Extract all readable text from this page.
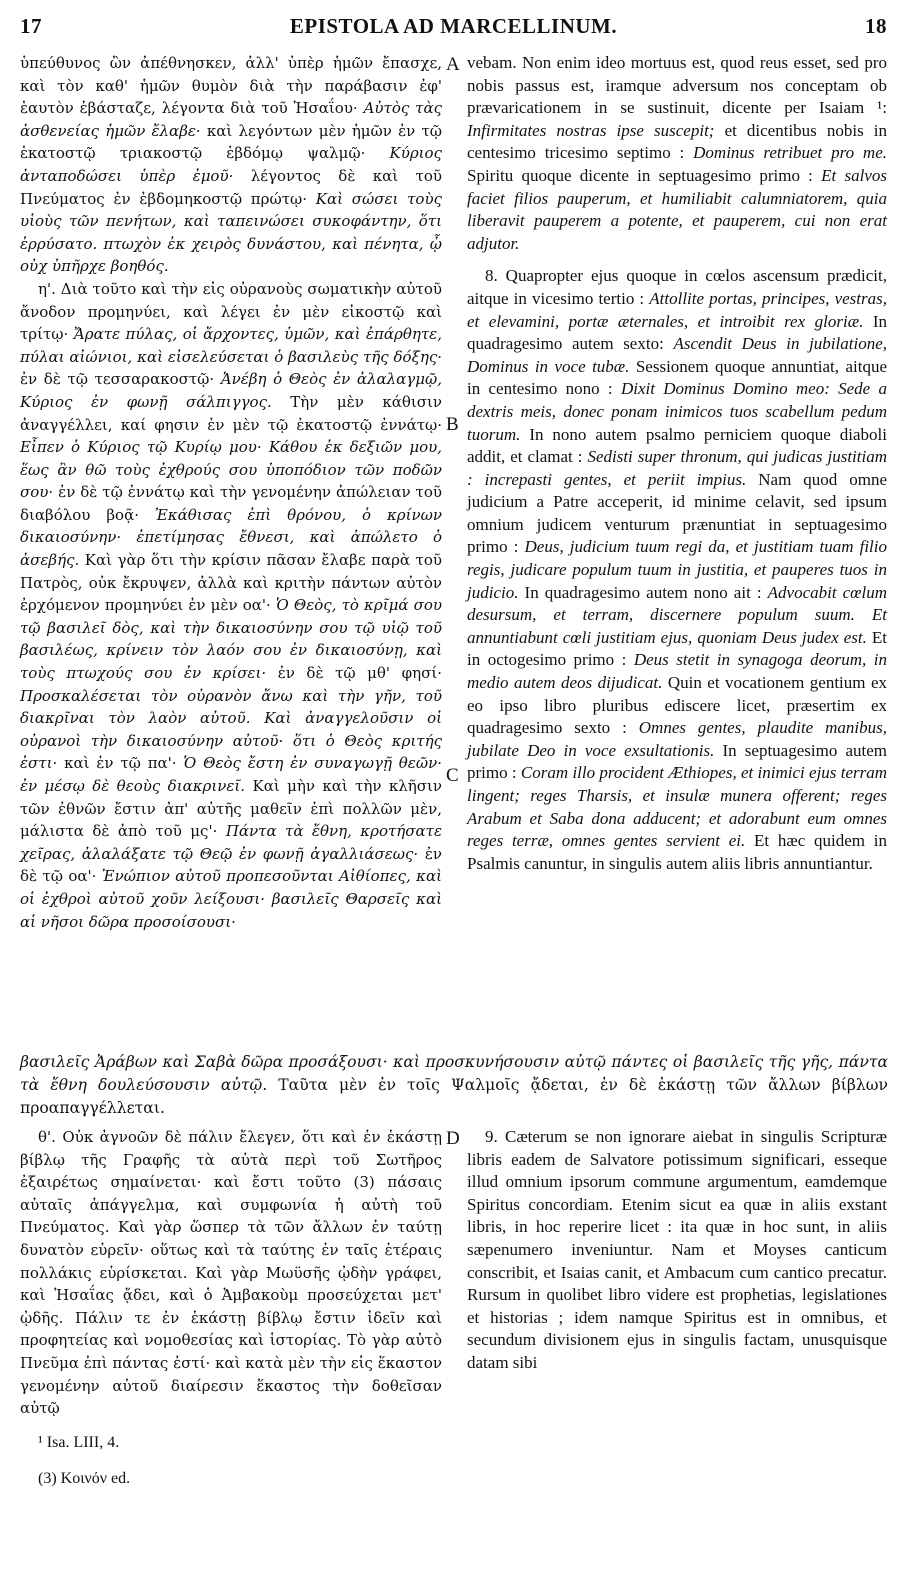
17	EPISTOLA AD MARCELLINUM.	18

ὑπεύθυνος ὢν ἀπέθνησκεν, ἀλλ' ὑπὲρ ἡμῶν ἔπασχε, καὶ τὸν καθ' ἡμῶν θυμὸν διὰ τὴν παράβασιν ἐφ' ἑαυτὸν ἐβάσταζε, λέγοντα διὰ τοῦ Ἡσαΐου· Αὐτὸς τὰς ἀσθενείας ἡμῶν ἔλαβε· καὶ λεγόντων μὲν ἡμῶν ἐν τῷ ἑκατοστῷ τριακοστῷ ἑβδόμῳ ψαλμῷ· Κύριος ἀνταποδώσει ὑπὲρ ἐμοῦ· λέγοντος δὲ καὶ τοῦ Πνεύματος ἐν ἑβδομηκοστῷ πρώτῳ· Καὶ σώσει τοὺς υἱοὺς τῶν πενήτων, καὶ ταπεινώσει συκοφάντην, ὅτι ἐρρύσατο. πτωχὸν ἐκ χειρὸς δυνάστου, καὶ πένητα, ᾧ οὐχ ὑπῆρχε βοηθός.

η'. Διὰ τοῦτο καὶ τὴν εἰς οὐρανοὺς σωματικὴν αὐτοῦ ἄνοδον προμηνύει, καὶ λέγει ἐν μὲν εἰκοστῷ καὶ τρίτῳ· Ἄρατε πύλας, οἱ ἄρχοντες, ὑμῶν, καὶ ἐπάρθητε, πύλαι αἰώνιοι, καὶ εἰσελεύσεται ὁ βασιλεὺς τῆς δόξης· ἐν δὲ τῷ τεσσαρακοστῷ· Ἀνέβη ὁ Θεὸς ἐν ἀλαλαγμῷ, Κύριος ἐν φωνῇ σάλπιγγος. Τὴν μὲν κάθισιν ἀναγγέλλει, καί φησιν ἐν μὲν τῷ ἑκατοστῷ ἐννάτῳ· Εἶπεν ὁ Κύριος τῷ Κυρίῳ μου· Κάθου ἐκ δεξιῶν μου, ἕως ἂν θῶ τοὺς ἐχθρούς σου ὑποπόδιον τῶν ποδῶν σου· ἐν δὲ τῷ ἐννάτῳ καὶ τὴν γενομένην ἀπώλειαν τοῦ διαβόλου βοᾷ· Ἐκάθισας ἐπὶ θρόνου, ὁ κρίνων δικαιοσύνην· ἐπετίμησας ἔθνεσι, καὶ ἀπώλετο ὁ ἀσεβής. Καὶ γὰρ ὅτι τὴν κρίσιν πᾶσαν ἔλαβε παρὰ τοῦ Πατρὸς, οὐκ ἔκρυψεν, ἀλλὰ καὶ κριτὴν πάντων αὐτὸν ἐρχόμενον προμηνύει ἐν μὲν οα'· Ὁ Θεὸς, τὸ κρῖμά σου τῷ βασιλεῖ δὸς, καὶ τὴν δικαιοσύνην σου τῷ υἱῷ τοῦ βασιλέως, κρίνειν τὸν λαόν σου ἐν δικαιοσύνῃ, καὶ τοὺς πτωχούς σου ἐν κρίσει· ἐν δὲ τῷ μθ' φησί· Προσκαλέσεται τὸν οὐρανὸν ἄνω καὶ τὴν γῆν, τοῦ διακρῖναι τὸν λαὸν αὐτοῦ. Καὶ ἀναγγελοῦσιν οἱ οὐρανοὶ τὴν δικαιοσύνην αὐτοῦ· ὅτι ὁ Θεὸς κριτής ἐστι· καὶ ἐν τῷ πα'· Ὁ Θεὸς ἔστη ἐν συναγωγῇ θεῶν· ἐν μέσῳ δὲ θεοὺς διακρινεῖ. Καὶ μὴν καὶ τὴν κλῆσιν τῶν ἐθνῶν ἔστιν ἀπ' αὐτῆς μαθεῖν ἐπὶ πολλῶν μὲν, μάλιστα δὲ ἀπὸ τοῦ μς'· Πάντα τὰ ἔθνη, κροτήσατε χεῖρας, ἀλαλάξατε τῷ Θεῷ ἐν φωνῇ ἀγαλλιάσεως· ἐν δὲ τῷ οα'· Ἐνώπιον αὐτοῦ προπεσοῦνται Αἰθίοπες, καὶ οἱ ἐχθροὶ αὐτοῦ χοῦν λείξουσι· βασιλεῖς Θαρσεῖς καὶ αἱ νῆσοι δῶρα προσοίσουσι·

vebam. Non enim ideo mortuus est, quod reus esset, sed pro nobis passus est, iramque adversum nos conceptam ob prævaricationem in se sustinuit, dicente per Isaiam ¹: Infirmitates nostras ipse suscepit; et dicentibus nobis in centesimo tricesimo septimo : Dominus retribuet pro me. Spiritu quoque dicente in septuagesimo primo : Et salvos faciet filios pauperum, et humiliabit calumniatorem, quia liberavit pauperem a potente, et pauperem, cui non erat adjutor.

8. Quapropter ejus quoque in cœlos ascensum prædicit, aitque in vicesimo tertio : Attollite portas, principes, vestras, et elevamini, portæ æternales, et introibit rex gloriæ. In quadragesimo autem sexto: Ascendit Deus in jubilatione, Dominus in voce tubæ. Sessionem quoque annuntiat, aitque in centesimo nono : Dixit Dominus Domino meo: Sede a dextris meis, donec ponam inimicos tuos scabellum pedum tuorum. In nono autem psalmo perniciem quoque diaboli addit, et clamat : Sedisti super thronum, qui judicas justitiam : increpasti gentes, et periit impius. Nam quod omne judicium a Patre acceperit, id minime celavit, sed ipsum omnium judicem venturum prænuntiat in septuagesimo primo : Deus, judicium tuum regi da, et justitiam tuam filio regis, judicare populum tuum in justitia, et pauperes tuos in judicio. In quadragesimo autem nono ait : Advocabit cœlum desursum, et terram, discernere populum suum. Et annuntiabunt cœli justitiam ejus, quoniam Deus judex est. Et in octogesimo primo : Deus stetit in synagoga deorum, in medio autem deos dijudicat. Quin et vocationem gentium ex eo ipso libro pluribus ediscere licet, præsertim ex quadragesimo sexto : Omnes gentes, plaudite manibus, jubilate Deo in voce exsultationis. In septuagesimo autem primo : Coram illo procident Æthiopes, et inimici ejus terram lingent; reges Tharsis, et insulæ munera offerent; reges Arabum et Saba dona adducent; et adorabunt eum omnes reges terræ, omnes gentes servient ei. Et hæc quidem in Psalmis canuntur, in singulis autem aliis libris annuntiantur.

A
B
C
D

βασιλεῖς Ἀράβων καὶ Σαβὰ δῶρα προσάξουσι· καὶ προσκυνήσουσιν αὐτῷ πάντες οἱ βασιλεῖς τῆς γῆς, πάντα τὰ ἔθνη δουλεύσουσιν αὐτῷ. Ταῦτα μὲν ἐν τοῖς Ψαλμοῖς ᾄδεται, ἐν δὲ ἑκάστῃ τῶν ἄλλων βίβλων προαπαγγέλλεται.

θ'. Οὐκ ἀγνοῶν δὲ πάλιν ἔλεγεν, ὅτι καὶ ἐν ἑκάστῃ βίβλῳ τῆς Γραφῆς τὰ αὐτὰ περὶ τοῦ Σωτῆρος ἐξαιρέτως σημαίνεται· καὶ ἔστι τοῦτο (3) πάσαις αὐταῖς ἀπάγγελμα, καὶ συμφωνία ἡ αὐτὴ τοῦ Πνεύματος. Καὶ γὰρ ὥσπερ τὰ τῶν ἄλλων ἐν ταύτῃ δυνατὸν εὑρεῖν· οὕτως καὶ τὰ ταύτης ἐν ταῖς ἑτέραις πολλάκις εὑρίσκεται. Καὶ γὰρ Μωϋσῆς ᾠδὴν γράφει, καὶ Ἡσαΐας ᾄδει, καὶ ὁ Ἀμβακοὺμ προσεύχεται μετ' ᾠδῆς. Πάλιν τε ἐν ἑκάστῃ βίβλῳ ἔστιν ἰδεῖν καὶ προφητείας καὶ νομοθεσίας καὶ ἱστορίας. Τὸ γὰρ αὐτὸ Πνεῦμα ἐπὶ πάντας ἐστί· καὶ κατὰ μὲν τὴν εἰς ἕκαστον γενομένην αὐτοῦ διαίρεσιν ἕκαστος τὴν δοθεῖσαν αὐτῷ

9. Cæterum se non ignorare aiebat in singulis Scripturæ libris eadem de Salvatore potissimum significari, esseque illud omnium ipsorum commune argumentum, eamdemque Spiritus concordiam. Etenim sicut ea quæ in aliis exstant libris, in hoc reperire licet : ita quæ in hoc sunt, in aliis sæpenumero inveniuntur. Nam et Moyses canticum conscribit, et Isaias canit, et Ambacum cum cantico precatur. Rursum in quolibet libro videre est prophetias, legislationes et historias ; idem namque Spiritus est in omnibus, et secundum divisionem ejus in singulis factam, unusquisque datam sibi

¹ Isa. LIII, 4.
(3) Κοινόν ed.
